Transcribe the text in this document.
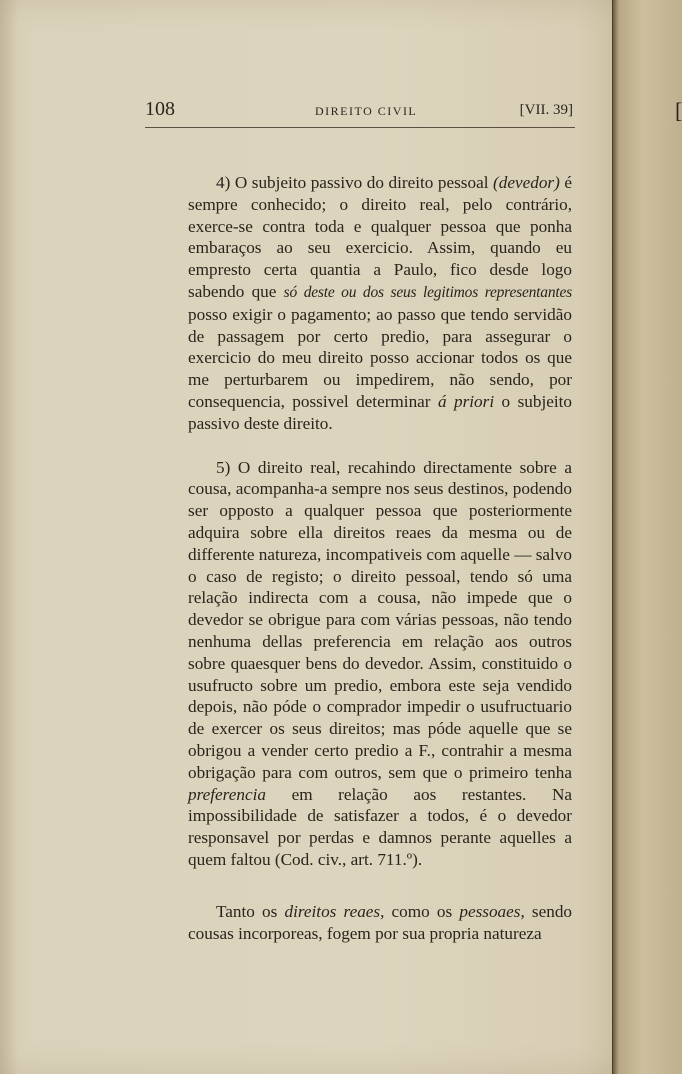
108	DIREITO CIVIL	[VII. 39]

4) O subjeito passivo do direito pessoal (devedor) é sempre conhecido; o direito real, pelo contrário, exerce-se contra toda e qualquer pessoa que ponha embaraços ao seu exercicio. Assim, quando eu empresto certa quantia a Paulo, fico desde logo sabendo que só deste ou dos seus legitimos representantes posso exigir o pagamento; ao passo que tendo servidão de passagem por certo predio, para assegurar o exercicio do meu direito posso accionar todos os que me perturbarem ou impedirem, não sendo, por consequencia, possivel determinar á priori o subjeito passivo deste direito.

5) O direito real, recahindo directamente sobre a cousa, acompanha-a sempre nos seus destinos, podendo ser opposto a qualquer pessoa que posteriormente adquira sobre ella direitos reaes da mesma ou de differente natureza, incompativeis com aquelle — salvo o caso de registo; o direito pessoal, tendo só uma relação indirecta com a cousa, não impede que o devedor se obrigue para com várias pessoas, não tendo nenhuma dellas preferencia em relação aos outros sobre quaesquer bens do devedor. Assim, constituido o usufructo sobre um predio, embora este seja vendido depois, não póde o comprador impedir o usufructuario de exercer os seus direitos; mas póde aquelle que se obrigou a vender certo predio a F., contrahir a mesma obrigação para com outros, sem que o primeiro tenha preferencia em relação aos restantes. Na impossibilidade de satisfazer a todos, é o devedor responsavel por perdas e damnos perante aquelles a quem faltou (Cod. civ., art. 711.º).

Tanto os direitos reaes, como os pessoaes, sendo cousas incorporeas, fogem por sua propria natureza

[
